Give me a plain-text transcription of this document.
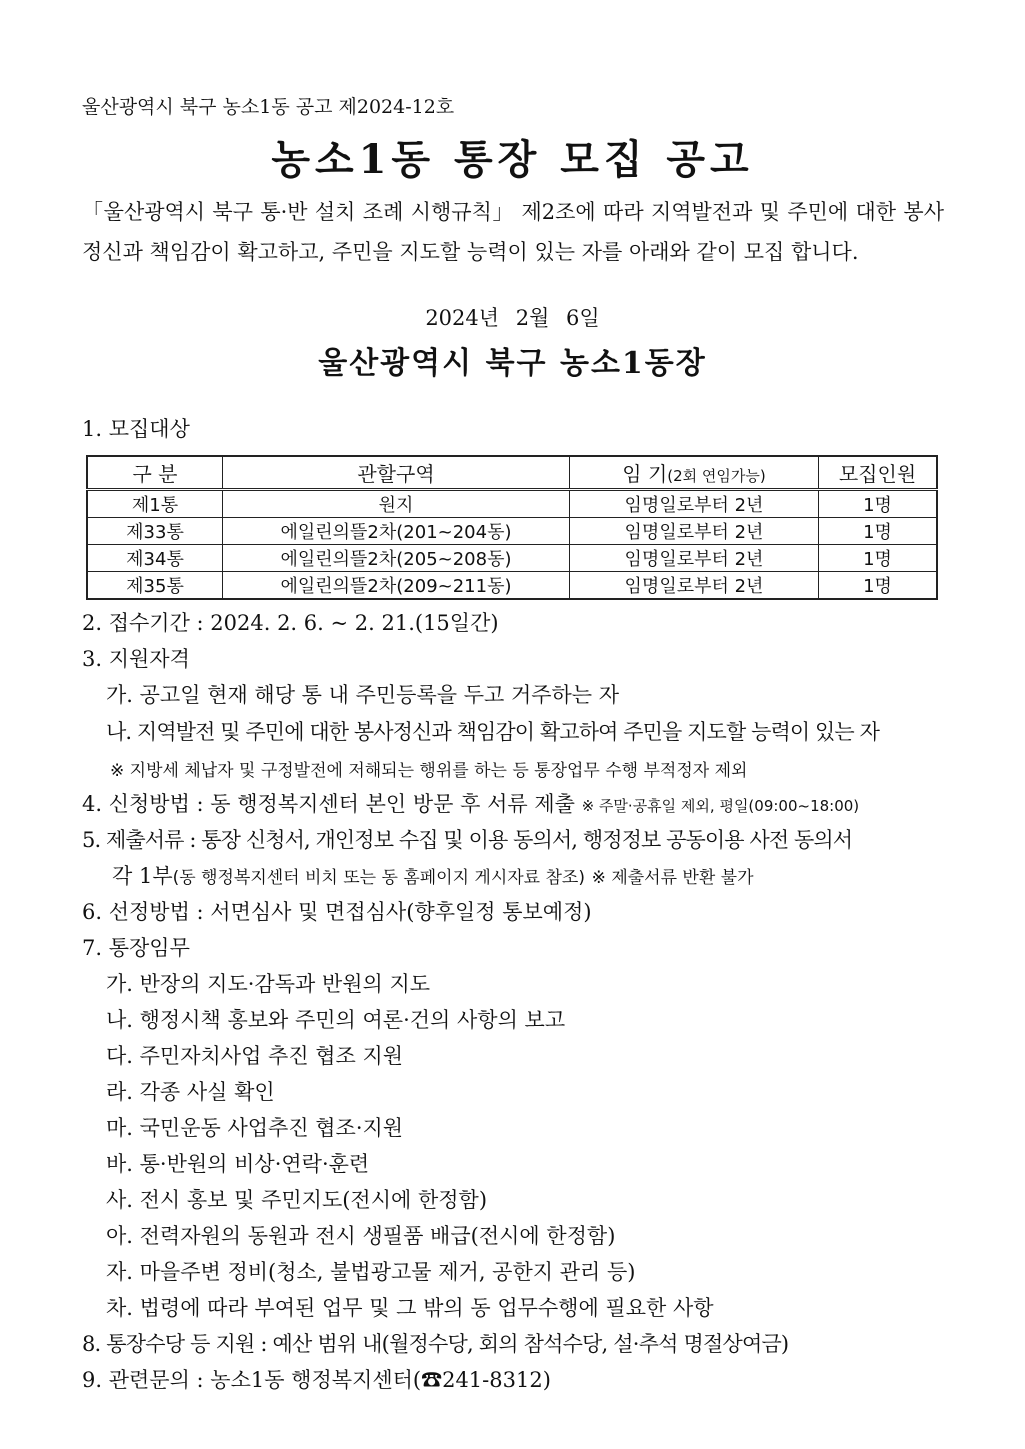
울산광역시 북구 농소1동 공고 제2024-12호
농소1동 통장 모집 공고

「울산광역시 북구 통·반 설치 조례 시행규칙」 제2조에 따라 지역발전과 및 주민에 대한 봉사정신과 책임감이 확고하고, 주민을 지도할 능력이 있는 자를 아래와 같이 모집 합니다.

2024년 2월 6일
울산광역시 북구 농소1동장
1. 모집대상
구 분	관할구역	임 기(2회 연임가능)	모집인원
제1통	원지	임명일로부터 2년	1명
제33통	에일린의뜰2차(201~204동)	임명일로부터 2년	1명
제34통	에일린의뜰2차(205~208동)	임명일로부터 2년	1명
제35통	에일린의뜰2차(209~211동)	임명일로부터 2년	1명
2. 접수기간 : 2024. 2. 6. ~ 2. 21.(15일간)
3. 지원자격
가. 공고일 현재 해당 통 내 주민등록을 두고 거주하는 자
나. 지역발전 및 주민에 대한 봉사정신과 책임감이 확고하여 주민을 지도할 능력이 있는 자
※ 지방세 체납자 및 구정발전에 저해되는 행위를 하는 등 통장업무 수행 부적정자 제외
4. 신청방법 : 동 행정복지센터 본인 방문 후 서류 제출 ※ 주말·공휴일 제외, 평일(09:00~18:00)
5. 제출서류 : 통장 신청서, 개인정보 수집 및 이용 동의서, 행정정보 공동이용 사전 동의서
각 1부(동 행정복지센터 비치 또는 동 홈페이지 게시자료 참조) ※ 제출서류 반환 불가
6. 선정방법 : 서면심사 및 면접심사(향후일정 통보예정)
7. 통장임무
가. 반장의 지도·감독과 반원의 지도
나. 행정시책 홍보와 주민의 여론·건의 사항의 보고
다. 주민자치사업 추진 협조 지원
라. 각종 사실 확인
마. 국민운동 사업추진 협조·지원
바. 통·반원의 비상·연락·훈련
사. 전시 홍보 및 주민지도(전시에 한정함)
아. 전력자원의 동원과 전시 생필품 배급(전시에 한정함)
자. 마을주변 정비(청소, 불법광고물 제거, 공한지 관리 등)
차. 법령에 따라 부여된 업무 및 그 밖의 동 업무수행에 필요한 사항
8. 통장수당 등 지원 : 예산 범위 내(월정수당, 회의 참석수당, 설·추석 명절상여금)
9. 관련문의 : 농소1동 행정복지센터(☎241-8312)
